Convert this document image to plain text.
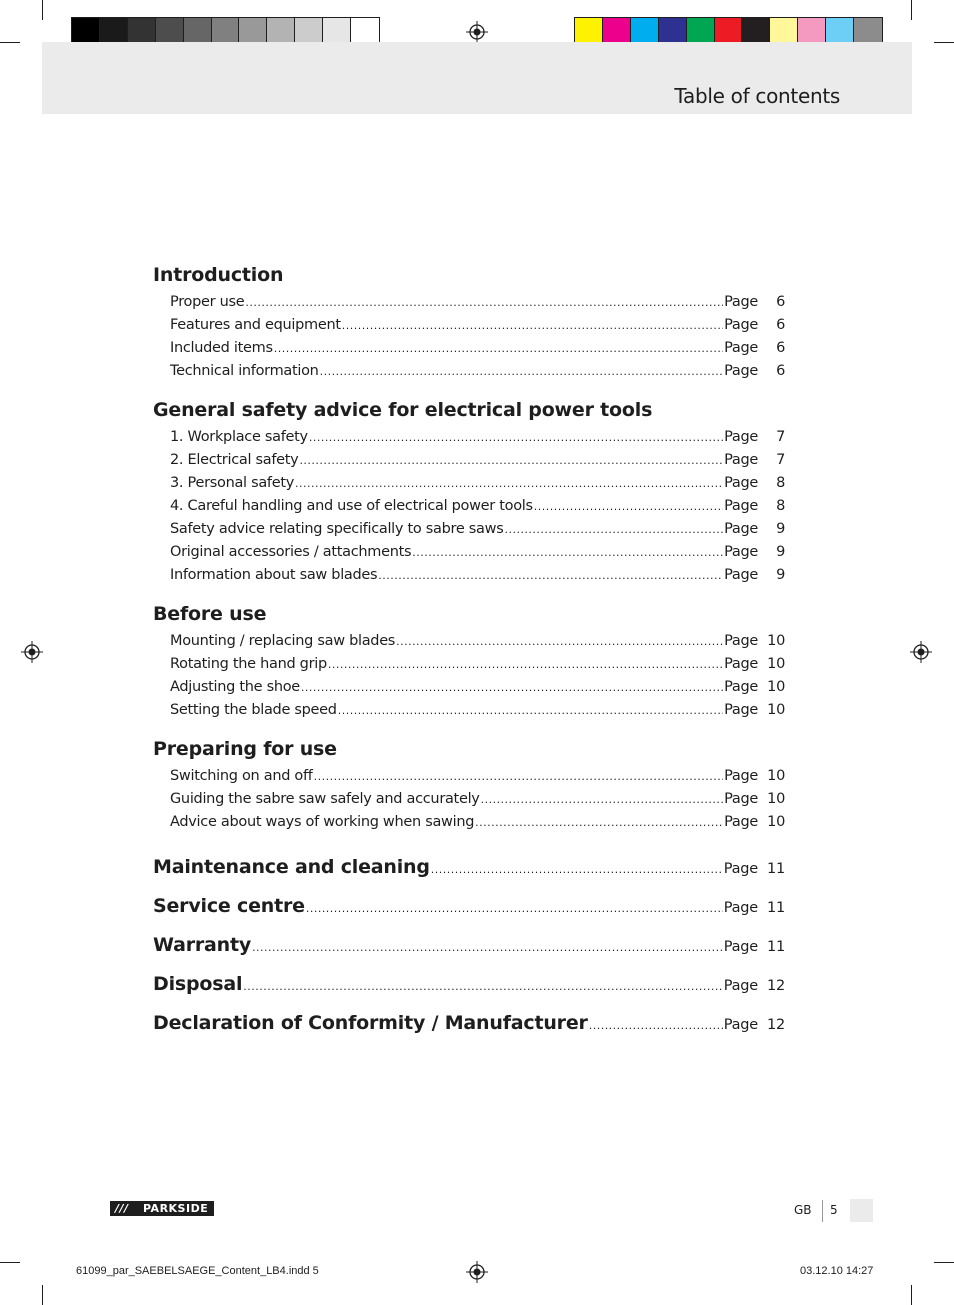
Table of contents
Introduction
Proper use .....	Page	6
Features and equipment .....	Page	6
Included items .....	Page	6
Technical information .....	Page	6
General safety advice for electrical power tools
1. Workplace safety .....	Page	7
2. Electrical safety .....	Page	7
3. Personal safety .....	Page	8
4. Careful handling and use of electrical power tools .....	Page	8
Safety advice relating specifically to sabre saws .....	Page	9
Original accessories / attachments .....	Page	9
Information about saw blades .....	Page	9
Before use
Mounting / replacing saw blades .....	Page 10
Rotating the hand grip .....	Page 10
Adjusting the shoe .....	Page 10
Setting the blade speed .....	Page 10
Preparing for use
Switching on and off .....	Page 10
Guiding the sabre saw safely and accurately .....	Page 10
Advice about ways of working when sawing .....	Page 10
Maintenance and cleaning .....	Page 11
Service centre .....	Page 11
Warranty .....	Page 11
Disposal .....	Page 12
Declaration of Conformity / Manufacturer .....	Page 12
///	PARKSIDE	GB 5
61099_par_SAEBELSAEGE_Content_LB4.indd 5	03.12.10 14:27
